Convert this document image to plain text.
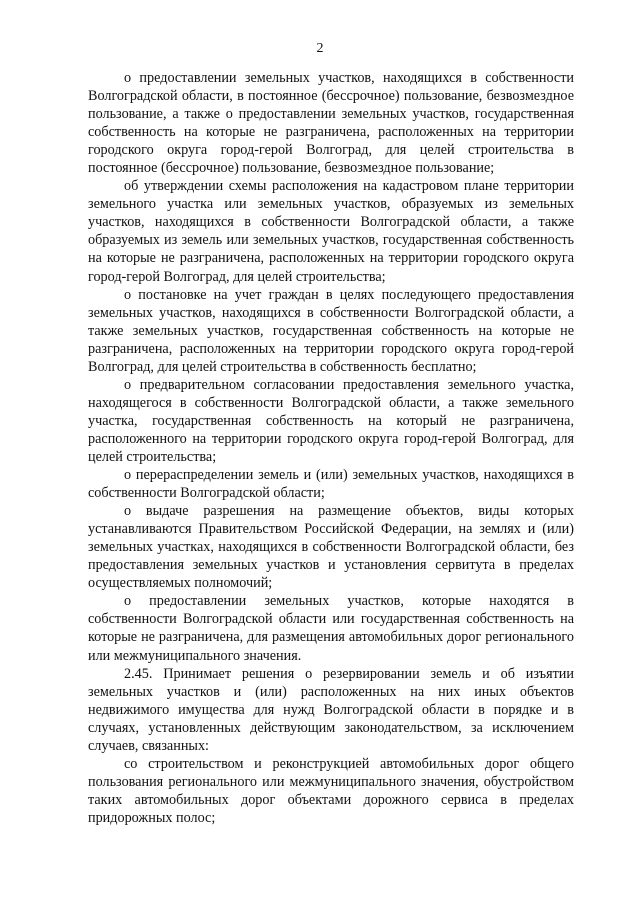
2

о предоставлении земельных участков, находящихся в собственности Волгоградской области, в постоянное (бессрочное) пользование, безвозмездное пользование, а также о предоставлении земельных участков, государственная собственность на которые не разграничена, расположенных на территории городского округа город-герой Волгоград, для целей строительства в постоянное (бессрочное) пользование, безвозмездное пользование;

об утверждении схемы расположения на кадастровом плане территории земельного участка или земельных участков, образуемых из земельных участков, находящихся в собственности Волгоградской области, а также образуемых из земель или земельных участков, государственная собственность на которые не разграничена, расположенных на территории городского округа город-герой Волгоград, для целей строительства;

о постановке на учет граждан в целях последующего предоставления земельных участков, находящихся в собственности Волгоградской области, а также земельных участков, государственная собственность на которые не разграничена, расположенных на территории городского округа город-герой Волгоград, для целей строительства в собственность бесплатно;

о предварительном согласовании предоставления земельного участка, находящегося в собственности Волгоградской области, а также земельного участка, государственная собственность на который не разграничена, расположенного на территории городского округа город-герой Волгоград, для целей строительства;

о перераспределении земель и (или) земельных участков, находящихся в собственности Волгоградской области;

о выдаче разрешения на размещение объектов, виды которых устанавливаются Правительством Российской Федерации, на землях и (или) земельных участках, находящихся в собственности Волгоградской области, без предоставления земельных участков и установления сервитута в пределах осуществляемых полномочий;

о предоставлении земельных участков, которые находятся в собственности Волгоградской области или государственная собственность на которые не разграничена, для размещения автомобильных дорог регионального или межмуниципального значения.

2.45. Принимает решения о резервировании земель и об изъятии земельных участков и (или) расположенных на них иных объектов недвижимого имущества для нужд Волгоградской области в порядке и в случаях, установленных действующим законодательством, за исключением случаев, связанных:

со строительством и реконструкцией автомобильных дорог общего пользования регионального или межмуниципального значения, обустройством таких автомобильных дорог объектами дорожного сервиса в пределах придорожных полос;
